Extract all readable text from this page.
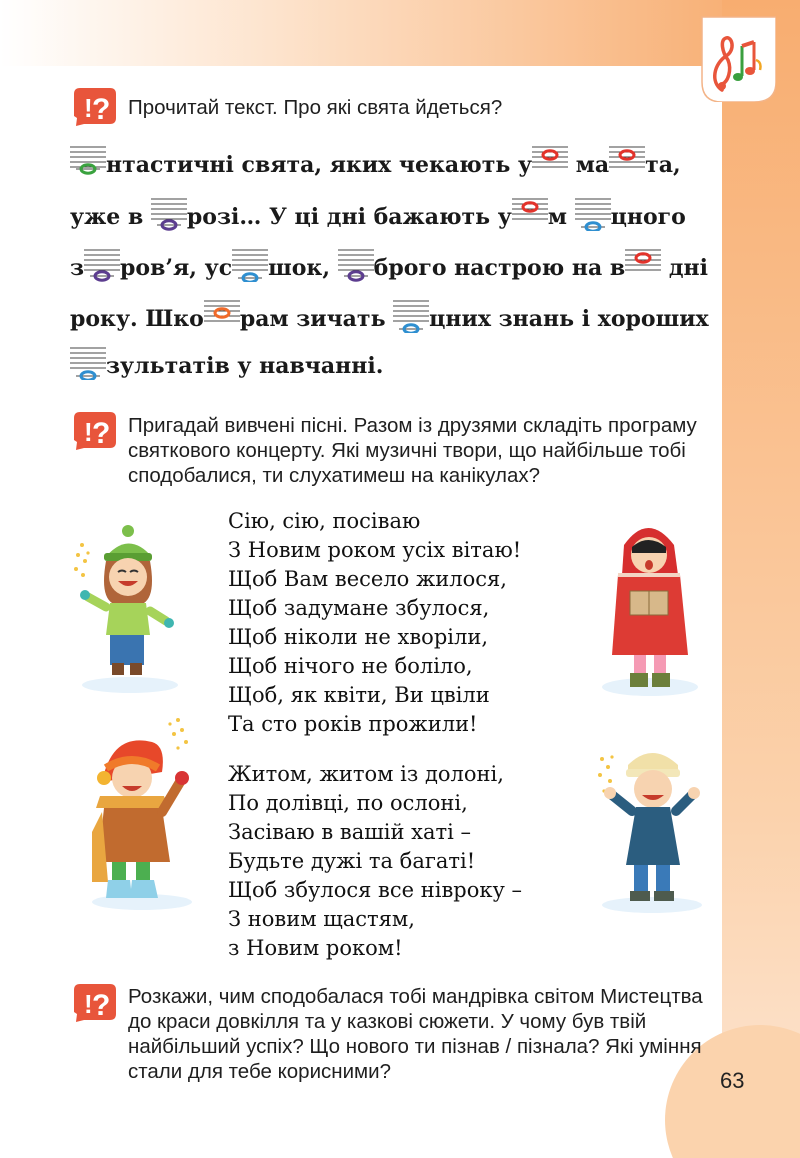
! ? Прочитай текст. Про які свята йдеться?
нтастичні свята, яких чекають у ма та,
уже в розі… У ці дні бажають у м цного
з ров’я, ус шок, брого настрою на в дні
року. Шко рам зичать цних знань і хороших
зультатів у навчанні.
! ? Пригадай вивчені пісні. Разом із друзями складіть програму святкового концерту. Які музичні твори, що найбільше тобі сподобалися, ти слухатимеш на канікулах?
Сію, сію, посіваю
З Новим роком усіх вітаю!
Щоб Вам весело жилося,
Щоб задумане збулося,
Щоб ніколи не хворіли,
Щоб нічого не боліло,
Щоб, як квіти, Ви цвіли
Та сто років прожили!
Житом, житом із долоні,
По долівці, по ослоні,
Засіваю в вашій хаті –
Будьте дужі та багаті!
Щоб збулося все нівроку –
З новим щастям,
з Новим роком!
! ? Розкажи, чим сподобалася тобі мандрівка світом Мистецтва до краси довкілля та у казкові сюжети. У чому був твій найбільший успіх? Що нового ти пізнав / пізнала? Які уміння стали для тебе корисними?	63
